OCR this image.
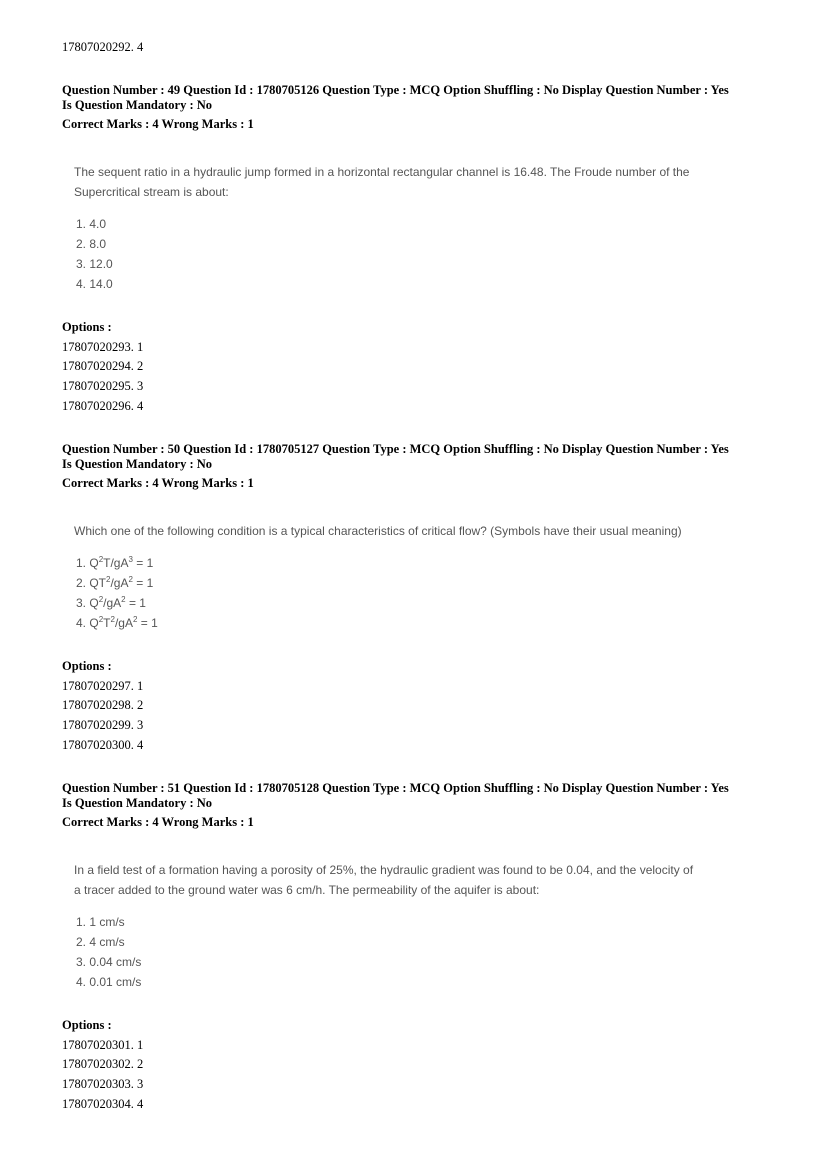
17807020292. 4
Question Number : 49 Question Id : 1780705126 Question Type : MCQ Option Shuffling : No Display Question Number : Yes
Is Question Mandatory : No
Correct Marks : 4 Wrong Marks : 1
The sequent ratio in a hydraulic jump formed in a horizontal rectangular channel is 16.48. The Froude number of the
Supercritical stream is about:
1. 4.0
2. 8.0
3. 12.0
4. 14.0
Options :
17807020293. 1
17807020294. 2
17807020295. 3
17807020296. 4
Question Number : 50 Question Id : 1780705127 Question Type : MCQ Option Shuffling : No Display Question Number : Yes
Is Question Mandatory : No
Correct Marks : 4 Wrong Marks : 1
Which one of the following condition is a typical characteristics of critical flow? (Symbols have their usual meaning)
1. $Q^2T/gA^3 = 1$
2. $QT^2/gA^2 = 1$
3. $Q^2/gA^2 = 1$
4. $Q^2T^2/gA^2 = 1$
Options :
17807020297. 1
17807020298. 2
17807020299. 3
17807020300. 4
Question Number : 51 Question Id : 1780705128 Question Type : MCQ Option Shuffling : No Display Question Number : Yes
Is Question Mandatory : No
Correct Marks : 4 Wrong Marks : 1
In a field test of a formation having a porosity of 25%, the hydraulic gradient was found to be 0.04, and the velocity of
a tracer added to the ground water was 6 cm/h. The permeability of the aquifer is about:
1. 1 cm/s
2. 4 cm/s
3. 0.04 cm/s
4. 0.01 cm/s
Options :
17807020301. 1
17807020302. 2
17807020303. 3
17807020304. 4
